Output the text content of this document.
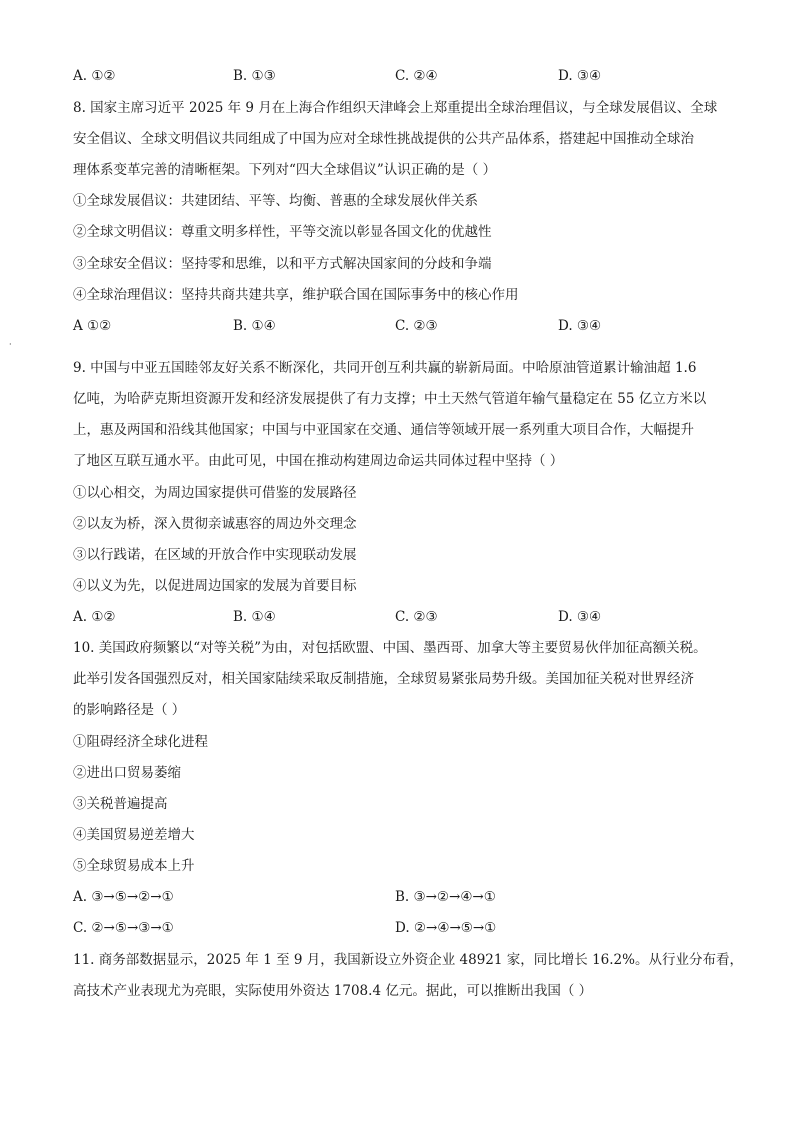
A. ①②	B. ①③	C. ②④	D. ③④
8. 国家主席习近平 2025 年 9 月在上海合作组织天津峰会上郑重提出全球治理倡议，与全球发展倡议、全球
安全倡议、全球文明倡议共同组成了中国为应对全球性挑战提供的公共产品体系，搭建起中国推动全球治
理体系变革完善的清晰框架。下列对“四大全球倡议”认识正确的是（ ）
①全球发展倡议：共建团结、平等、均衡、普惠的全球发展伙伴关系
②全球文明倡议：尊重文明多样性，平等交流以彰显各国文化的优越性
③全球安全倡议：坚持零和思维，以和平方式解决国家间的分歧和争端
④全球治理倡议：坚持共商共建共享，维护联合国在国际事务中的核心作用
A ①②	B. ①④	C. ②③	D. ③④
9. 中国与中亚五国睦邻友好关系不断深化，共同开创互利共赢的崭新局面。中哈原油管道累计输油超 1.6
亿吨，为哈萨克斯坦资源开发和经济发展提供了有力支撑；中土天然气管道年输气量稳定在 55 亿立方米以
上，惠及两国和沿线其他国家；中国与中亚国家在交通、通信等领域开展一系列重大项目合作，大幅提升
了地区互联互通水平。由此可见，中国在推动构建周边命运共同体过程中坚持（ ）
①以心相交，为周边国家提供可借鉴的发展路径
②以友为桥，深入贯彻亲诚惠容的周边外交理念
③以行践诺，在区域的开放合作中实现联动发展
④以义为先，以促进周边国家的发展为首要目标
A. ①②	B. ①④	C. ②③	D. ③④
10. 美国政府频繁以“对等关税”为由，对包括欧盟、中国、墨西哥、加拿大等主要贸易伙伴加征高额关税。
此举引发各国强烈反对，相关国家陆续采取反制措施，全球贸易紧张局势升级。美国加征关税对世界经济
的影响路径是（ ）
①阻碍经济全球化进程
②进出口贸易萎缩
③关税普遍提高
④美国贸易逆差增大
⑤全球贸易成本上升
A. ③→⑤→②→①	B. ③→②→④→①
C. ②→⑤→③→①	D. ②→④→⑤→①
11. 商务部数据显示，2025 年 1 至 9 月，我国新设立外资企业 48921 家，同比增长 16.2%。从行业分布看，
高技术产业表现尤为亮眼，实际使用外资达 1708.4 亿元。据此，可以推断出我国（ ）
·
